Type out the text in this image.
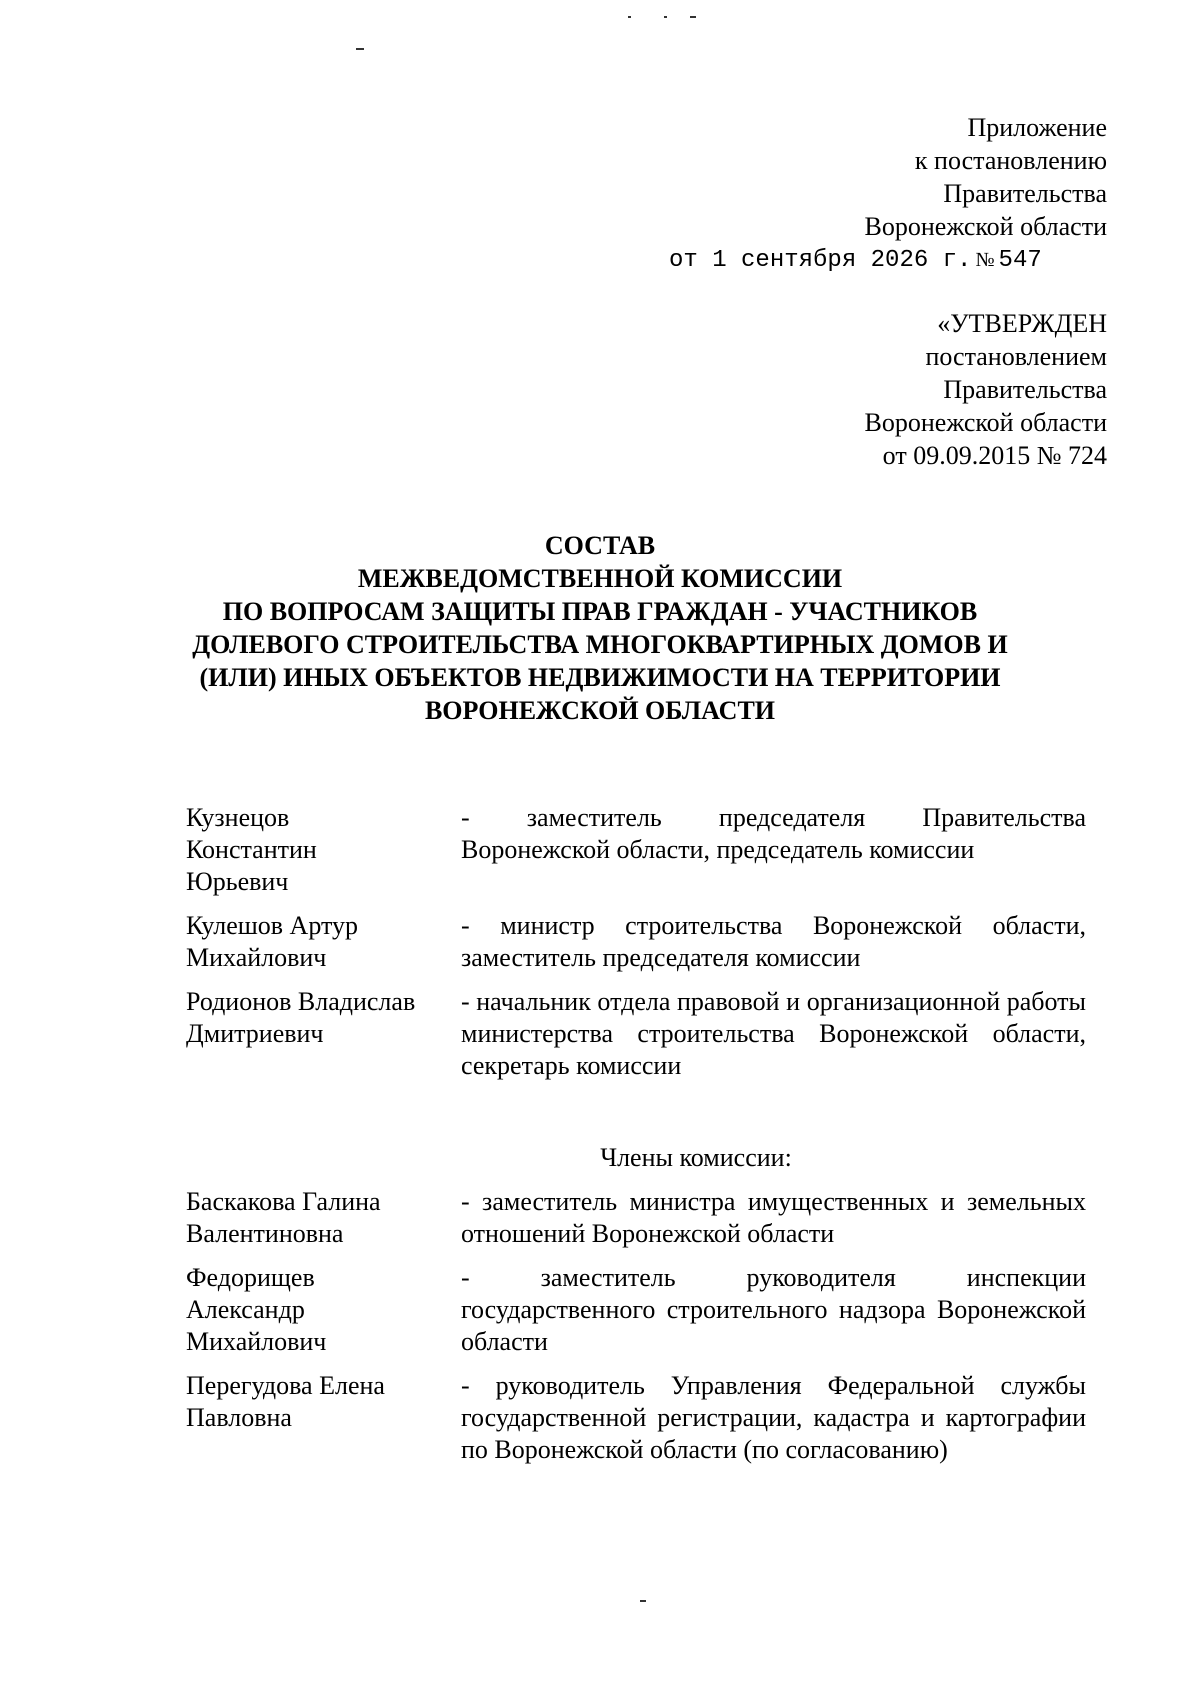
Приложение
к постановлению
Правительства
Воронежской области
от 1 сентября 2026 г. № 547
«УТВЕРЖДЕН
постановлением
Правительства
Воронежской области
от 09.09.2015 № 724
СОСТАВ
МЕЖВЕДОМСТВЕННОЙ КОМИССИИ
ПО ВОПРОСАМ ЗАЩИТЫ ПРАВ ГРАЖДАН - УЧАСТНИКОВ
ДОЛЕВОГО СТРОИТЕЛЬСТВА МНОГОКВАРТИРНЫХ ДОМОВ И
(ИЛИ) ИНЫХ ОБЪЕКТОВ НЕДВИЖИМОСТИ НА ТЕРРИТОРИИ
ВОРОНЕЖСКОЙ ОБЛАСТИ
Кузнецов
Константин
Юрьевич
- заместитель председателя Правительства Воронежской области, председатель комиссии
Кулешов Артур
Михайлович
- министр строительства Воронежской области, заместитель председателя комиссии
Родионов Владислав
Дмитриевич
- начальник отдела правовой и организационной работы министерства строительства Воронежской области, секретарь комиссии
Члены комиссии:
Баскакова Галина
Валентиновна
- заместитель министра имущественных и земельных отношений Воронежской области
Федорищев
Александр
Михайлович
- заместитель руководителя инспекции государственного строительного надзора Воронежской области
Перегудова Елена
Павловна
- руководитель Управления Федеральной службы государственной регистрации, кадастра и картографии по Воронежской области (по согласованию)
